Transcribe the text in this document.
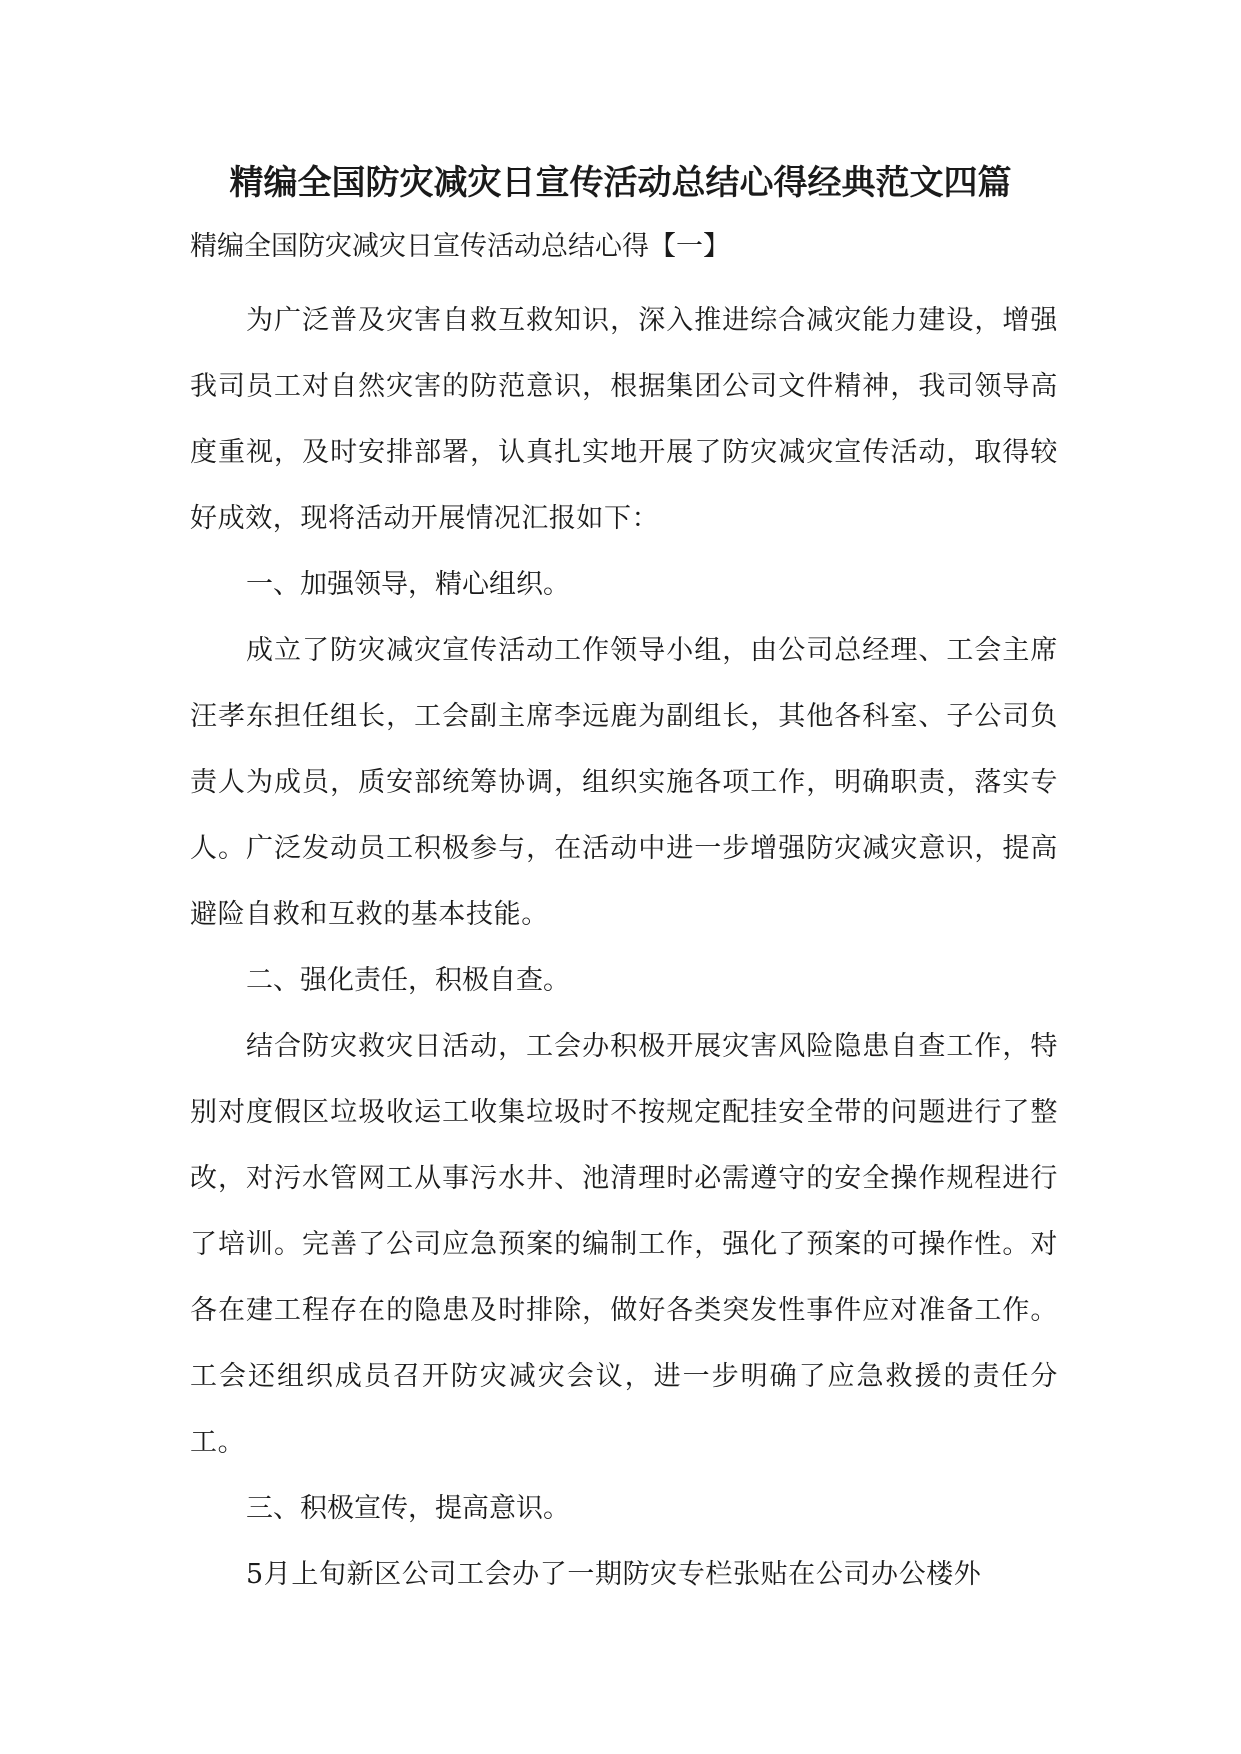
精编全国防灾减灾日宣传活动总结心得经典范文四篇
精编全国防灾减灾日宣传活动总结心得【一】

为广泛普及灾害自救互救知识，深入推进综合减灾能力建设，增强我司员工对自然灾害的防范意识，根据集团公司文件精神，我司领导高度重视，及时安排部署，认真扎实地开展了防灾减灾宣传活动，取得较好成效，现将活动开展情况汇报如下：

一、加强领导，精心组织。

成立了防灾减灾宣传活动工作领导小组，由公司总经理、工会主席汪孝东担任组长，工会副主席李远鹿为副组长，其他各科室、子公司负责人为成员，质安部统筹协调，组织实施各项工作，明确职责，落实专人。广泛发动员工积极参与，在活动中进一步增强防灾减灾意识，提高避险自救和互救的基本技能。

二、强化责任，积极自查。

结合防灾救灾日活动，工会办积极开展灾害风险隐患自查工作，特别对度假区垃圾收运工收集垃圾时不按规定配挂安全带的问题进行了整改，对污水管网工从事污水井、池清理时必需遵守的安全操作规程进行了培训。完善了公司应急预案的编制工作，强化了预案的可操作性。对各在建工程存在的隐患及时排除，做好各类突发性事件应对准备工作。工会还组织成员召开防灾减灾会议，进一步明确了应急救援的责任分工。

三、积极宣传，提高意识。

5月上旬新区公司工会办了一期防灾专栏张贴在公司办公楼外
